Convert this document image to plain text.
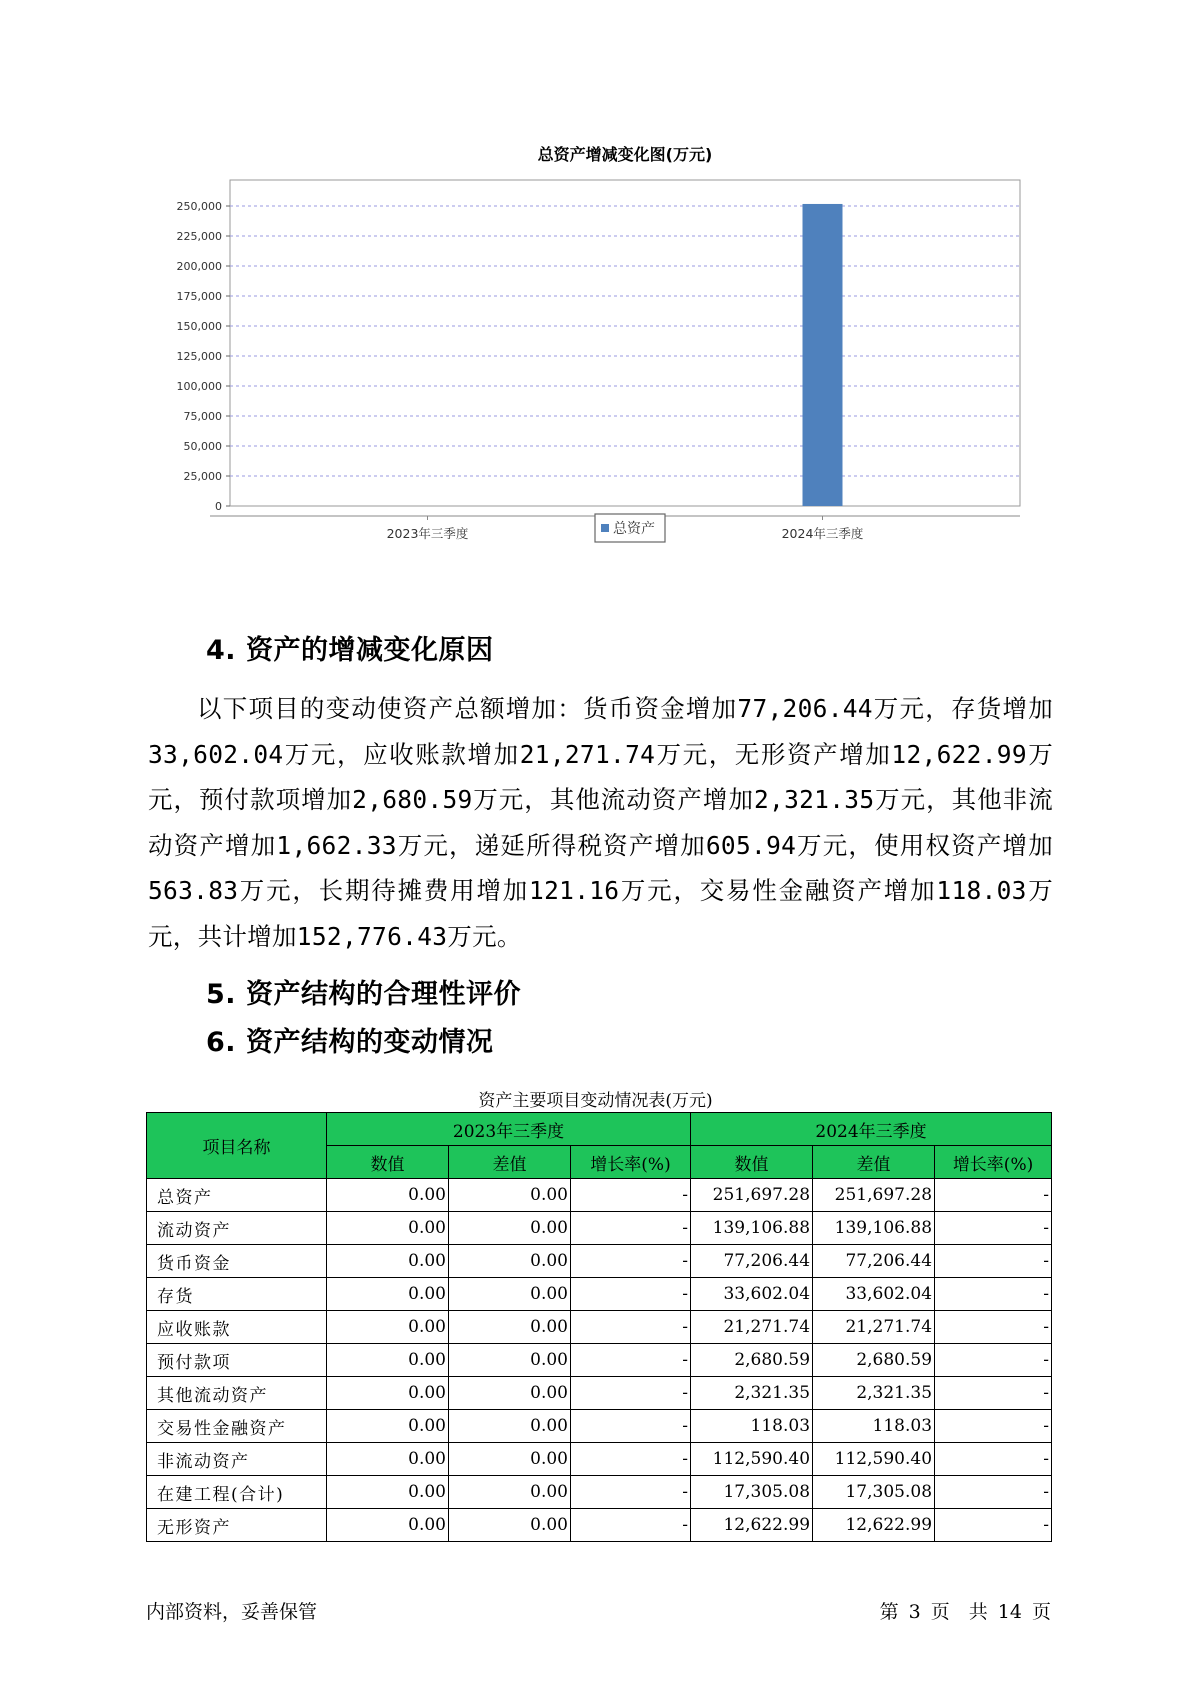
总资产增减变化图(万元)
0
25,000
50,000
75,000
100,000
125,000
150,000
175,000
200,000
225,000
250,000
2023年三季度	2024年三季度
总资产
4. 资产的增减变化原因
以下项目的变动使资产总额增加：货币资金增加77,206.44万元，存货增加33,602.04万元，应收账款增加21,271.74万元，无形资产增加12,622.99万元，预付款项增加2,680.59万元，其他流动资产增加2,321.35万元，其他非流动资产增加1,662.33万元，递延所得税资产增加605.94万元，使用权资产增加563.83万元，长期待摊费用增加121.16万元，交易性金融资产增加118.03万元，共计增加152,776.43万元。
5. 资产结构的合理性评价
6. 资产结构的变动情况
资产主要项目变动情况表(万元)
项目名称	2023年三季度			2024年三季度		
	数值	差值	增长率(%)	数值	差值	增长率(%)
总资产	0.00	0.00	-	251,697.28	251,697.28	-
流动资产	0.00	0.00	-	139,106.88	139,106.88	-
货币资金	0.00	0.00	-	77,206.44	77,206.44	-
存货	0.00	0.00	-	33,602.04	33,602.04	-
应收账款	0.00	0.00	-	21,271.74	21,271.74	-
预付款项	0.00	0.00	-	2,680.59	2,680.59	-
其他流动资产	0.00	0.00	-	2,321.35	2,321.35	-
交易性金融资产	0.00	0.00	-	118.03	118.03	-
非流动资产	0.00	0.00	-	112,590.40	112,590.40	-
在建工程(合计)	0.00	0.00	-	17,305.08	17,305.08	-
无形资产	0.00	0.00	-	12,622.99	12,622.99	-
内部资料，妥善保管	第 3 页　共 14 页
